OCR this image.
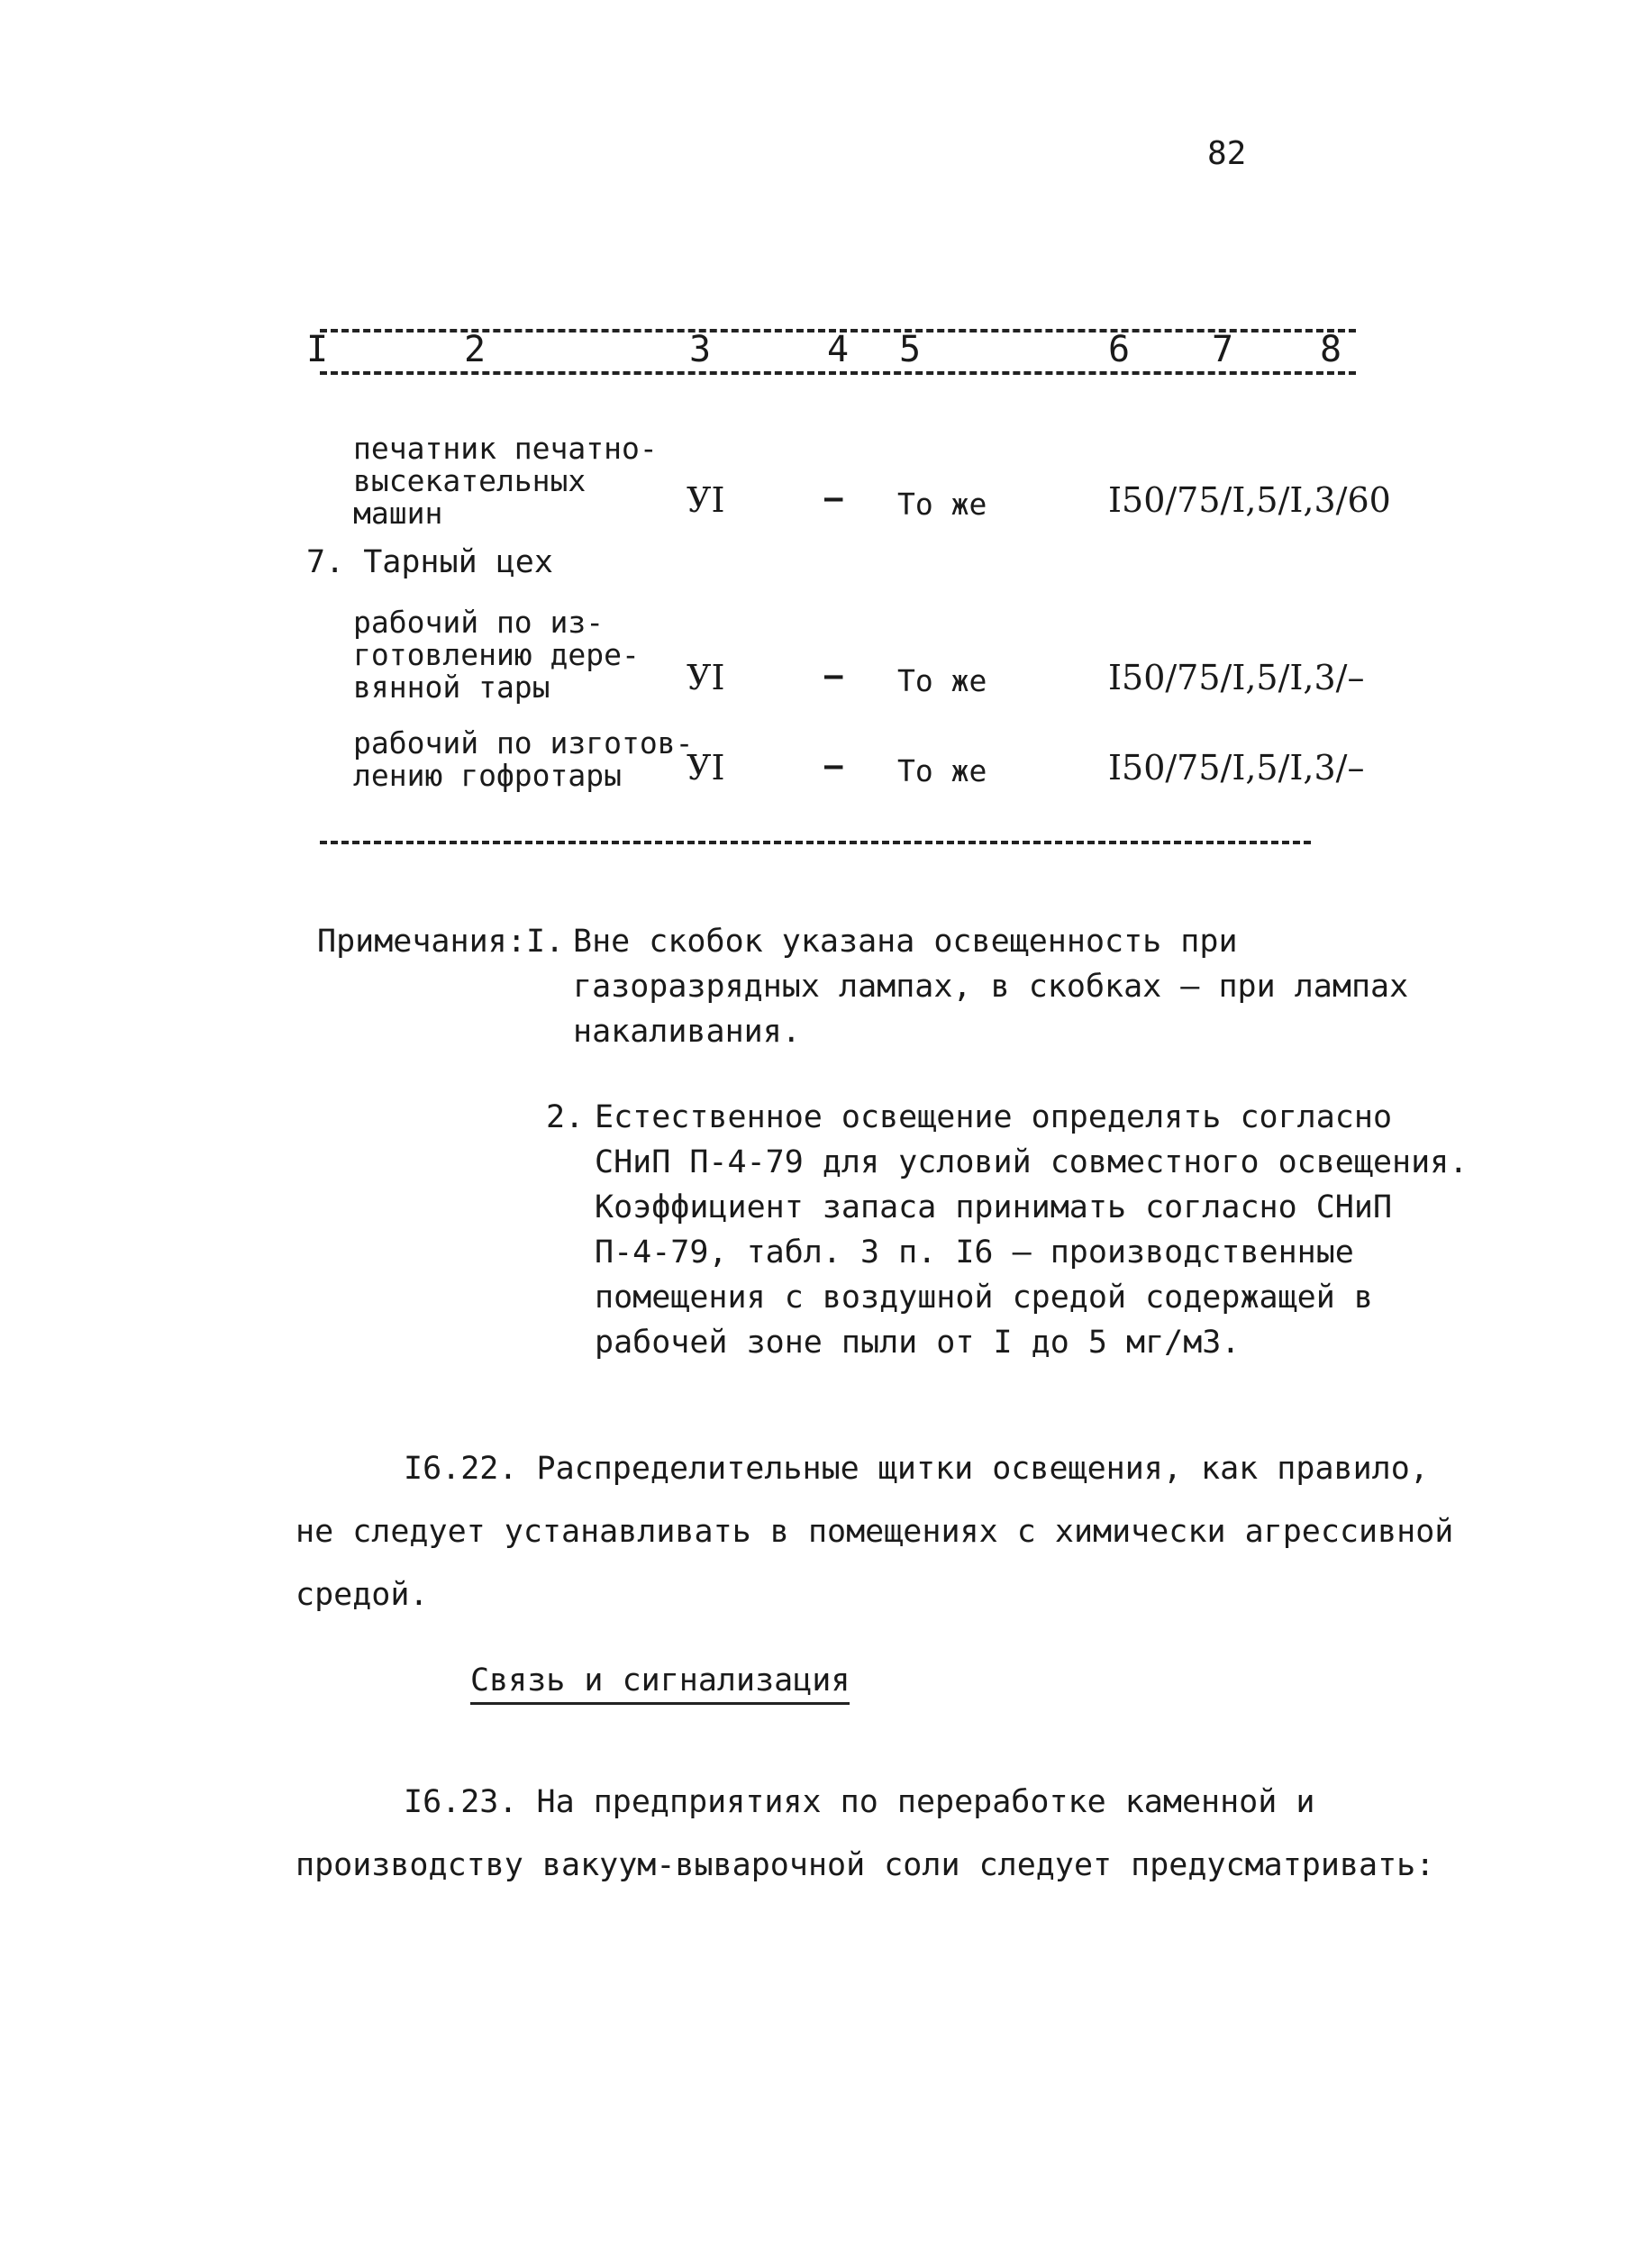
82
I	2	3	4 5	6 7 8
печатник печатно-
высекательных
машин	УI	– То же	I50/75/I,5/I,3/60
7. Тарный цех
рабочий по из-
готовлению дере-
вянной тары	УI	– То же	I50/75/I,5/I,3/–
рабочий по изготов-
лению гофротары	УI	– То же	I50/75/I,5/I,3/–
Примечания: I. Вне скобок указана освещенность при
газоразрядных лампах, в скобках – при лампах
накаливания.
2. Естественное освещение определять согласно
СНиП П-4-79 для условий совместного освещения.
Коэффициент запаса принимать согласно СНиП
П-4-79, табл. 3 п. I6 – производственные
помещения с воздушной средой содержащей в
рабочей зоне пыли от I до 5 мг/м3.
I6.22. Распределительные щитки освещения, как правило,
не следует устанавливать в помещениях с химически агрессивной
средой.
Связь и сигнализация
I6.23. На предприятиях по переработке каменной и
производству вакуум-выварочной соли следует предусматривать:
